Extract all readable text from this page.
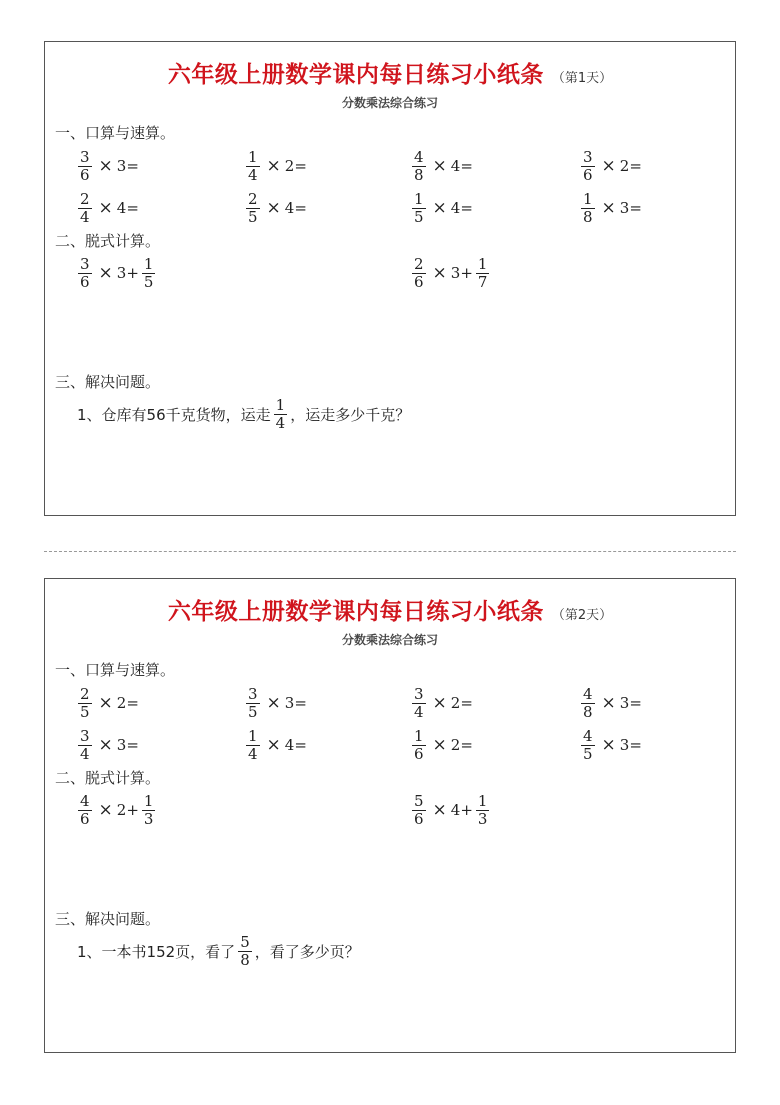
六年级上册数学课内每日练习小纸条 （第1天）
分数乘法综合练习
一、口算与速算。
$\frac{3}{6} \times 3=$	$\frac{1}{4} \times 2=$	$\frac{4}{8} \times 4=$	$\frac{3}{6} \times 2=$
$\frac{2}{4} \times 4=$	$\frac{2}{5} \times 4=$	$\frac{1}{5} \times 4=$	$\frac{1}{8} \times 3=$
二、脱式计算。
$\frac{3}{6} \times 3+ \frac{1}{5}$	$\frac{2}{6} \times 3+ \frac{1}{7}$
三、解决问题。
1、仓库有56千克货物，运走 $\frac{1}{4}$ ，运走多少千克？
六年级上册数学课内每日练习小纸条 （第2天）
分数乘法综合练习
一、口算与速算。
$\frac{2}{5} \times 2=$	$\frac{3}{5} \times 3=$	$\frac{3}{4} \times 2=$	$\frac{4}{8} \times 3=$
$\frac{3}{4} \times 3=$	$\frac{1}{4} \times 4=$	$\frac{1}{6} \times 2=$	$\frac{4}{5} \times 3=$
二、脱式计算。
$\frac{4}{6} \times 2+ \frac{1}{3}$	$\frac{5}{6} \times 4+ \frac{1}{3}$
三、解决问题。
1、一本书152页，看了 $\frac{5}{8}$ ，看了多少页？
